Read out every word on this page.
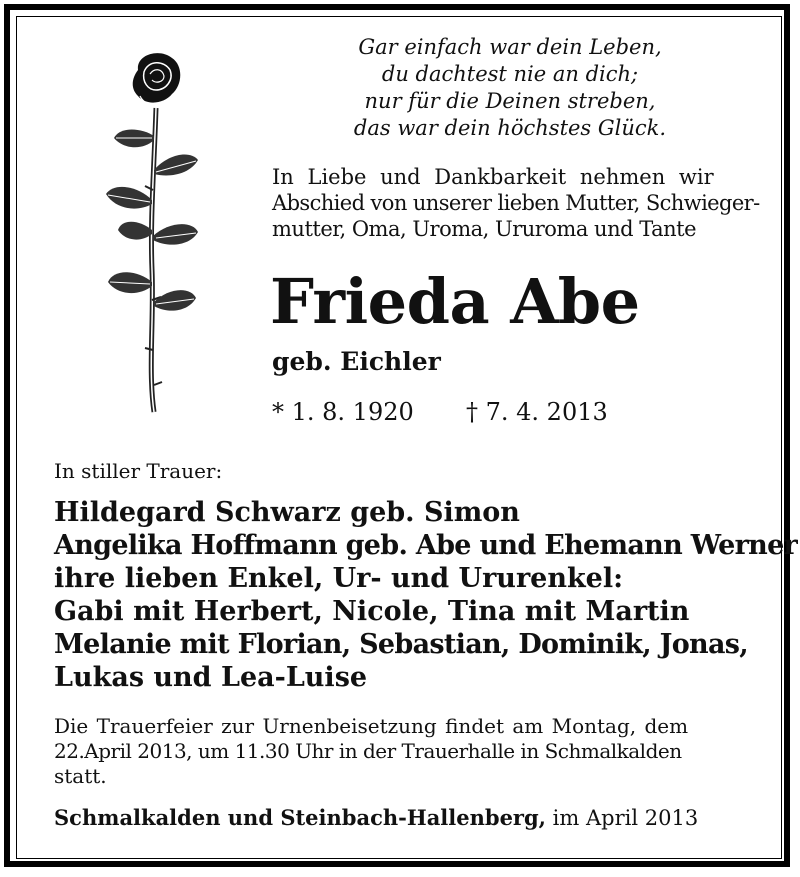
Gar einfach war dein Leben,
du dachtest nie an dich;
nur für die Deinen streben,
das war dein höchstes Glück.
In Liebe und Dankbarkeit nehmen wir
Abschied von unserer lieben Mutter, Schwieger-
mutter, Oma, Uroma, Ururoma und Tante
Frieda Abe
geb. Eichler
* 1. 8. 1920 † 7. 4. 2013
In stiller Trauer:
Hildegard Schwarz geb. Simon
Angelika Hoffmann geb. Abe und Ehemann Werner
ihre lieben Enkel, Ur- und Ururenkel:
Gabi mit Herbert, Nicole, Tina mit Martin
Melanie mit Florian, Sebastian, Dominik, Jonas,
Lukas und Lea-Luise
Die Trauerfeier zur Urnenbeisetzung findet am Montag, dem
22.April 2013, um 11.30 Uhr in der Trauerhalle in Schmalkalden
statt.
Schmalkalden und Steinbach-Hallenberg, im April 2013
